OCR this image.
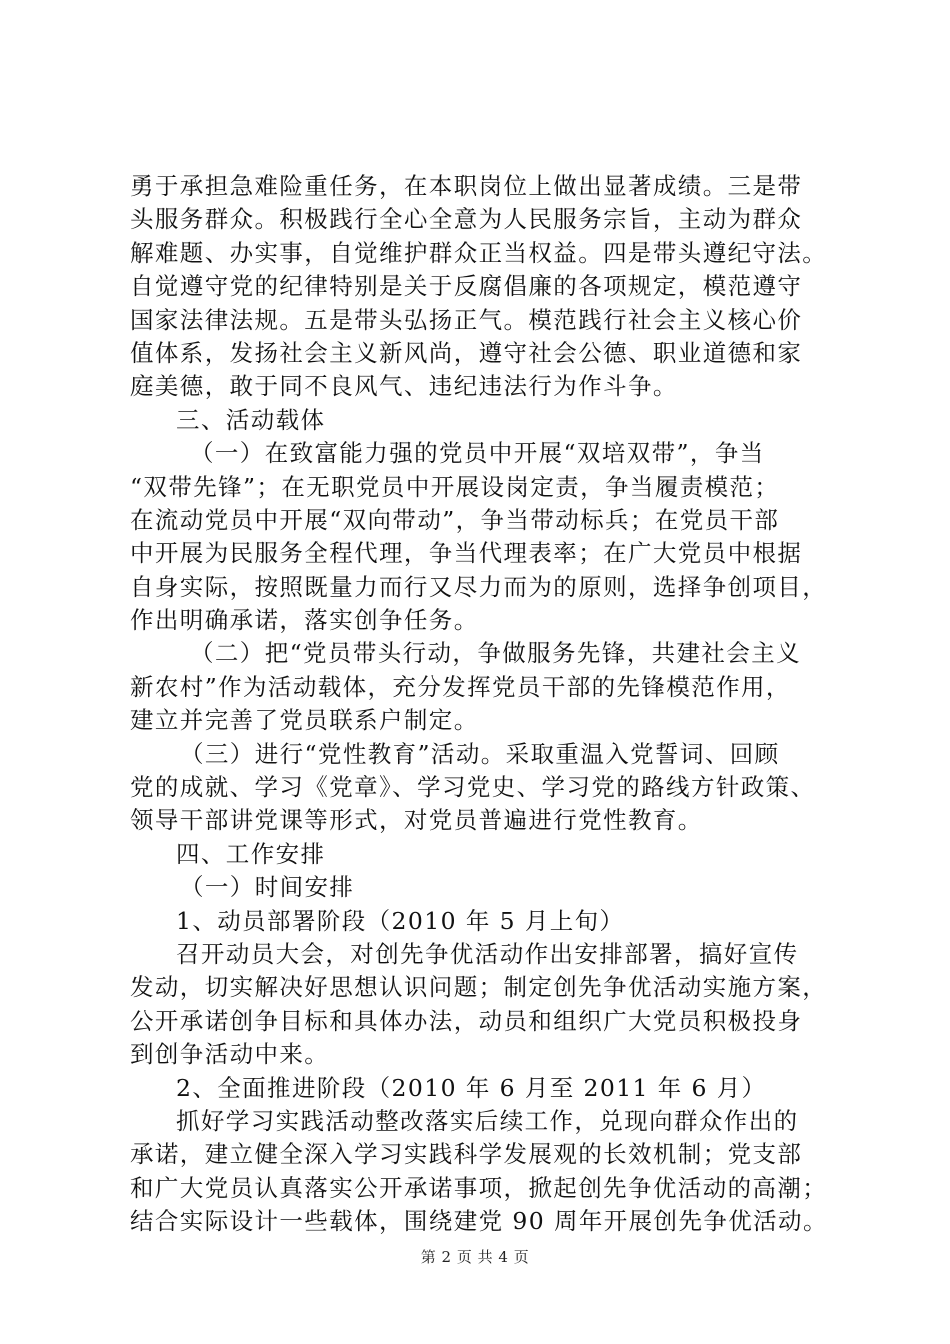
勇于承担急难险重任务，在本职岗位上做出显著成绩。三是带
头服务群众。积极践行全心全意为人民服务宗旨，主动为群众
解难题、办实事，自觉维护群众正当权益。四是带头遵纪守法。
自觉遵守党的纪律特别是关于反腐倡廉的各项规定，模范遵守
国家法律法规。五是带头弘扬正气。模范践行社会主义核心价
值体系，发扬社会主义新风尚，遵守社会公德、职业道德和家
庭美德，敢于同不良风气、违纪违法行为作斗争。
三、活动载体
（一）在致富能力强的党员中开展“双培双带”，争当
“双带先锋”；在无职党员中开展设岗定责，争当履责模范；
在流动党员中开展“双向带动”，争当带动标兵；在党员干部
中开展为民服务全程代理，争当代理表率；在广大党员中根据
自身实际，按照既量力而行又尽力而为的原则，选择争创项目，
作出明确承诺，落实创争任务。
（二）把“党员带头行动，争做服务先锋，共建社会主义
新农村”作为活动载体，充分发挥党员干部的先锋模范作用，
建立并完善了党员联系户制定。
（三）进行“党性教育”活动。采取重温入党誓词、回顾
党的成就、学习《党章》、学习党史、学习党的路线方针政策、
领导干部讲党课等形式，对党员普遍进行党性教育。
四、工作安排
（一）时间安排
1、动员部署阶段（2010 年 5 月上旬）
召开动员大会，对创先争优活动作出安排部署，搞好宣传
发动，切实解决好思想认识问题；制定创先争优活动实施方案，
公开承诺创争目标和具体办法，动员和组织广大党员积极投身
到创争活动中来。
2、全面推进阶段（2010 年 6 月至 2011 年 6 月）
抓好学习实践活动整改落实后续工作，兑现向群众作出的
承诺，建立健全深入学习实践科学发展观的长效机制；党支部
和广大党员认真落实公开承诺事项，掀起创先争优活动的高潮；
结合实际设计一些载体，围绕建党 90 周年开展创先争优活动。
第 2 页 共 4 页
